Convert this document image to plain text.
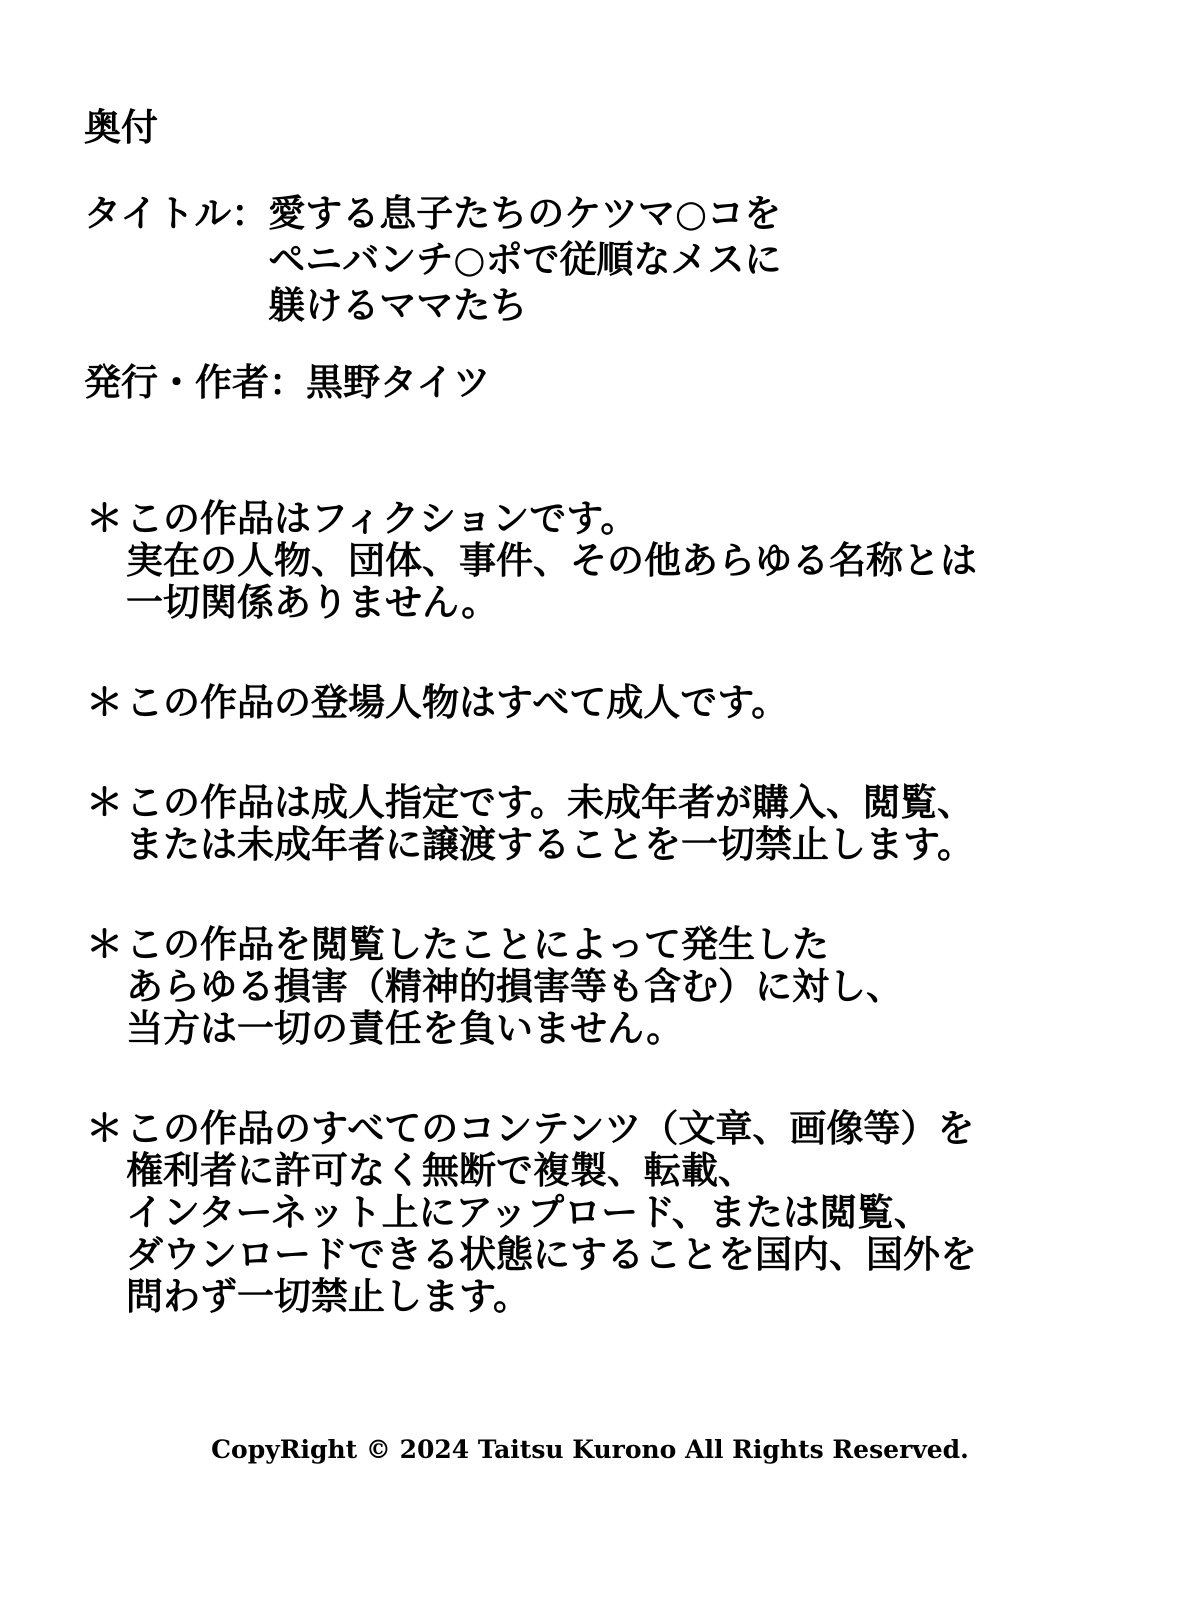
奥付
タイトル ： 愛する息子たちのケツマ○コを
ペニバンチ○ポで従順なメスに
躾けるママたち
発行・作者 ： 黒野タイツ
＊ この作品はフィクションです。
実在の人物、団体、事件、その他あらゆる名称とは
一切関係ありません。
＊ この作品の登場人物はすべて成人です。
＊ この作品は成人指定です。未成年者が購入、閲覧、
または未成年者に譲渡することを一切禁止します。
＊ この作品を閲覧したことによって発生した
あらゆる損害（精神的損害等も含む）に対し、
当方は一切の責任を負いません。
＊ この作品のすべてのコンテンツ（文章、画像等）を
権利者に許可なく無断で複製、転載、
インターネット上にアップロード、または閲覧、
ダウンロードできる状態にすることを国内、国外を
問わず一切禁止します。

CopyRight © 2024 Taitsu Kurono All Rights Reserved.
